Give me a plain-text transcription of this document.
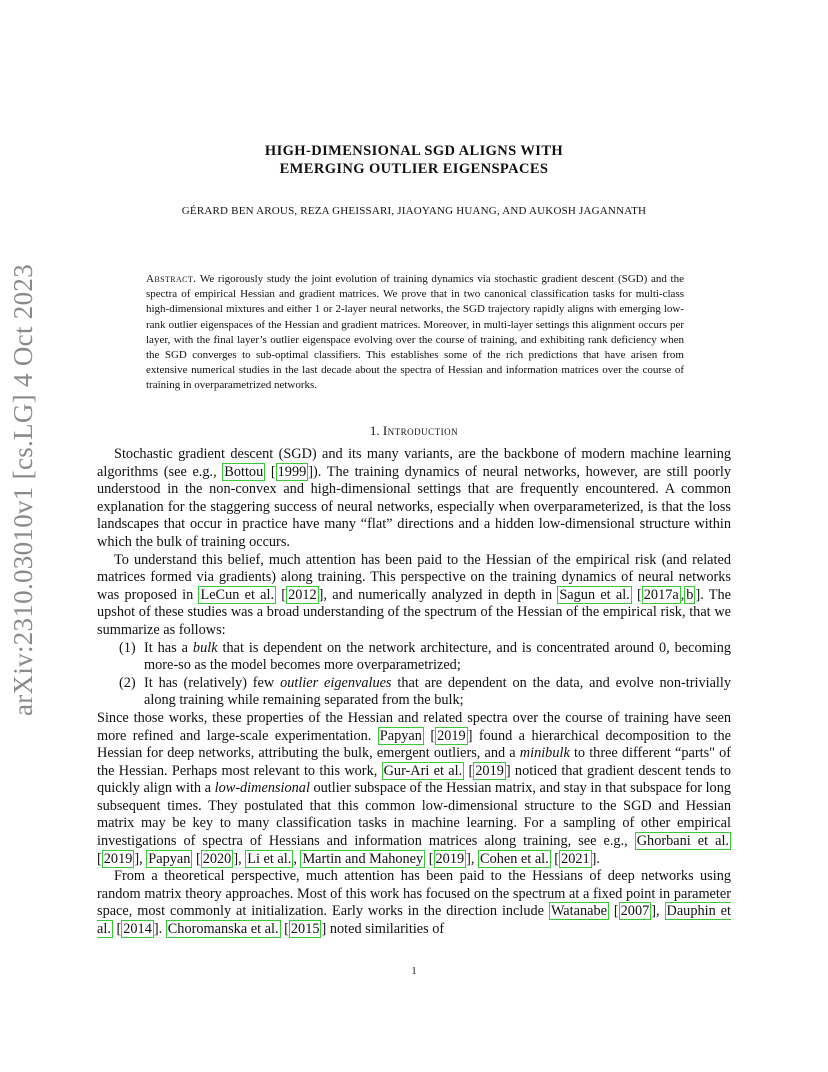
arXiv:2310.03010v1 [cs.LG] 4 Oct 2023
HIGH-DIMENSIONAL SGD ALIGNS WITH
EMERGING OUTLIER EIGENSPACES
GÉRARD BEN AROUS, REZA GHEISSARI, JIAOYANG HUANG, AND AUKOSH JAGANNATH
Abstract. We rigorously study the joint evolution of training dynamics via stochastic gradient descent (SGD) and the spectra of empirical Hessian and gradient matrices. We prove that in two canonical classification tasks for multi-class high-dimensional mixtures and either 1 or 2-layer neural networks, the SGD trajectory rapidly aligns with emerging low-rank outlier eigenspaces of the Hessian and gradient matrices. Moreover, in multi-layer settings this alignment occurs per layer, with the final layer’s outlier eigenspace evolving over the course of training, and exhibiting rank deficiency when the SGD converges to sub-optimal classifiers. This establishes some of the rich predictions that have arisen from extensive numerical studies in the last decade about the spectra of Hessian and information matrices over the course of training in overparametrized networks.
1. Introduction

Stochastic gradient descent (SGD) and its many variants, are the backbone of modern machine learning algorithms (see e.g., Bottou [ 1999 ]). The training dynamics of neural networks, however, are still poorly understood in the non-convex and high-dimensional settings that are frequently encountered. A common explanation for the staggering success of neural networks, especially when overparameterized, is that the loss landscapes that occur in practice have many “flat” directions and a hidden low-dimensional structure within which the bulk of training occurs.

To understand this belief, much attention has been paid to the Hessian of the empirical risk (and related matrices formed via gradients) along training. This perspective on the training dynamics of neural networks was proposed in LeCun et al. [ 2012 ], and numerically analyzed in depth in Sagun et al. [ 2017a , b ]. The upshot of these studies was a broad understanding of the spectrum of the Hessian of the empirical risk, that we summarize as follows:

(1) It has a bulk that is dependent on the network architecture, and is concentrated around 0, becoming more-so as the model becomes more overparametrized;
(2) It has (relatively) few outlier eigenvalues that are dependent on the data, and evolve non-trivially along training while remaining separated from the bulk;

Since those works, these properties of the Hessian and related spectra over the course of training have seen more refined and large-scale experimentation. Papyan [ 2019 ] found a hierarchical decomposition to the Hessian for deep networks, attributing the bulk, emergent outliers, and a minibulk to three different “parts" of the Hessian. Perhaps most relevant to this work, Gur-Ari et al. [ 2019 ] noticed that gradient descent tends to quickly align with a low-dimensional outlier subspace of the Hessian matrix, and stay in that subspace for long subsequent times. They postulated that this common low-dimensional structure to the SGD and Hessian matrix may be key to many classification tasks in machine learning. For a sampling of other empirical investigations of spectra of Hessians and information matrices along training, see e.g., Ghorbani et al. [ 2019 ], Papyan [ 2020 ], Li et al. , Martin and Mahoney [ 2019 ], Cohen et al. [ 2021 ].

From a theoretical perspective, much attention has been paid to the Hessians of deep networks using random matrix theory approaches. Most of this work has focused on the spectrum at a fixed point in parameter space, most commonly at initialization. Early works in the direction include Watanabe [ 2007 ], Dauphin et al. [ 2014 ]. Choromanska et al. [ 2015 ] noted similarities of

1
